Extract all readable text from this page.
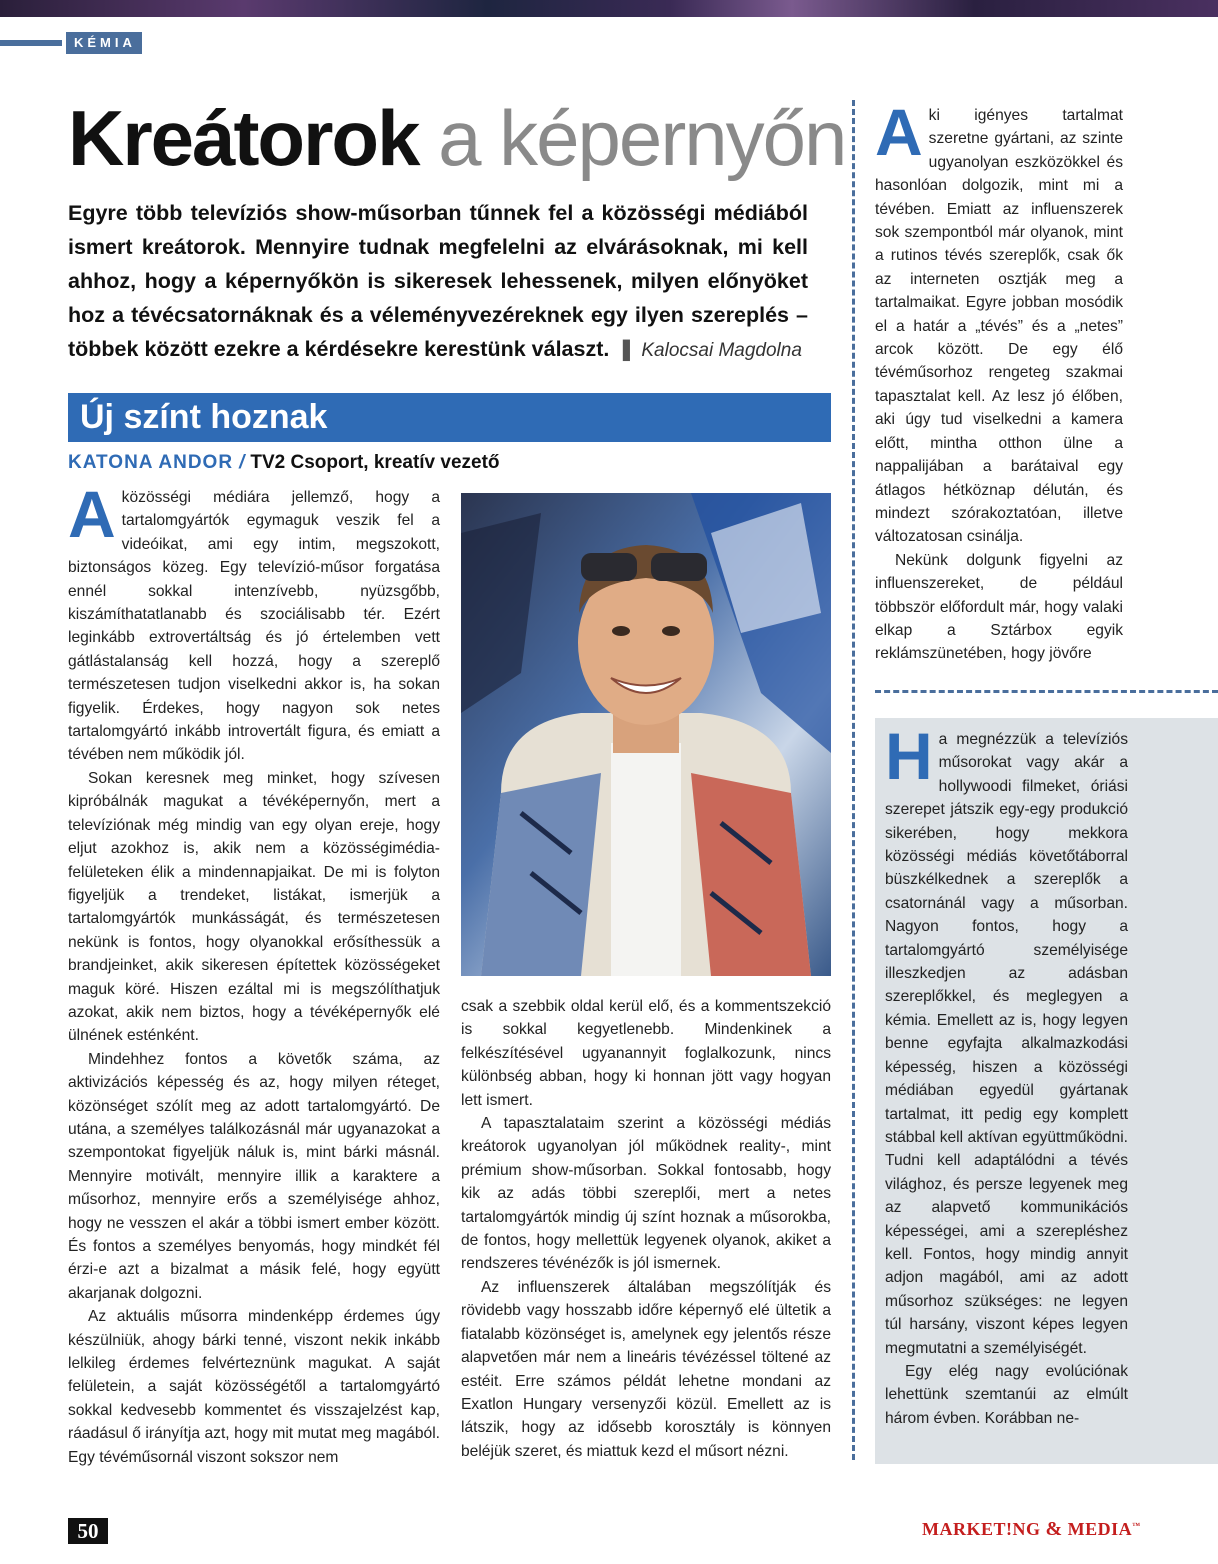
KÉMIA
Kreátorok a képernyőn
Egyre több televíziós show-műsorban tűnnek fel a közösségi médiából ismert kreátorok. Mennyire tudnak megfelelni az elvárásoknak, mi kell ahhoz, hogy a képernyőkön is sikeresek lehessenek, milyen előnyöket hoz a tévécsatornáknak és a véleményvezéreknek egy ilyen szereplés – többek között ezekre a kérdésekre kerestünk választ. ❚ Kalocsai Magdolna
Új színt hoznak
KATONA ANDOR / TV2 Csoport, kreatív vezető

Aközösségi médiára jellemző, hogy a tartalomgyártók egymaguk veszik fel a videóikat, ami egy intim, megszokott, biztonságos közeg. Egy televízió-műsor forgatása ennél sokkal intenzívebb, nyüzsgőbb, kiszámíthatatlanabb és szociálisabb tér. Ezért leginkább extrovertáltság és jó értelemben vett gátlástalanság kell hozzá, hogy a szereplő természetesen tudjon viselkedni akkor is, ha sokan figyelik. Érdekes, hogy nagyon sok netes tartalomgyártó inkább introvertált figura, és emiatt a tévében nem működik jól.

Sokan keresnek meg minket, hogy szívesen kipróbálnák magukat a tévéképernyőn, mert a televíziónak még mindig van egy olyan ereje, hogy eljut azokhoz is, akik nem a közösségimédia-felületeken élik a mindennapjaikat. De mi is folyton figyeljük a trendeket, listákat, ismerjük a tartalomgyártók munkásságát, és természetesen nekünk is fontos, hogy olyanokkal erősíthessük a brandjeinket, akik sikeresen építettek közösségeket maguk köré. Hiszen ezáltal mi is megszólíthatjuk azokat, akik nem biztos, hogy a tévéképernyők elé ülnének esténként.

Mindehhez fontos a követők száma, az aktivizációs képesség és az, hogy milyen réteget, közönséget szólít meg az adott tartalomgyártó. De utána, a személyes találkozásnál már ugyanazokat a szempontokat figyeljük náluk is, mint bárki másnál. Mennyire motivált, mennyire illik a karaktere a műsorhoz, mennyire erős a személyisége ahhoz, hogy ne vesszen el akár a többi ismert ember között. És fontos a személyes benyomás, hogy mindkét fél érzi-e azt a bizalmat a másik felé, hogy együtt akarjanak dolgozni.

Az aktuális műsorra mindenképp érdemes úgy készülniük, ahogy bárki tenné, viszont nekik inkább lelkileg érdemes felvérteznünk magukat. A saját felületein, a saját közösségétől a tartalomgyártó sokkal kedvesebb kommentet és visszajelzést kap, ráadásul ő irányítja azt, hogy mit mutat meg magából. Egy tévéműsornál viszont sokszor nem

csak a szebbik oldal kerül elő, és a kommentszekció is sokkal kegyetlenebb. Mindenkinek a felkészítésével ugyanannyit foglalkozunk, nincs különbség abban, hogy ki honnan jött vagy hogyan lett ismert.

A tapasztalataim szerint a közösségi médiás kreátorok ugyanolyan jól működnek reality-, mint prémium show-műsorban. Sokkal fontosabb, hogy kik az adás többi szereplői, mert a netes tartalomgyártók mindig új színt hoznak a műsorokba, de fontos, hogy mellettük legyenek olyanok, akiket a rendszeres tévénézők is jól ismernek.

Az influenszerek általában megszólítják és rövidebb vagy hosszabb időre képernyő elé ültetik a fiatalabb közönséget is, amelynek egy jelentős része alapvetően már nem a lineáris tévézéssel töltené az estéit. Erre számos példát lehetne mondani az Exatlon Hungary versenyzői közül. Emellett az is látszik, hogy az idősebb korosztály is könnyen beléjük szeret, és miattuk kezd el műsort nézni.

Aki igényes tartalmat szeretne gyártani, az szinte ugyanolyan eszközökkel és hasonlóan dolgozik, mint mi a tévében. Emiatt az influenszerek sok szempontból már olyanok, mint a rutinos tévés szereplők, csak ők az interneten osztják meg a tartalmaikat. Egyre jobban mosódik el a határ a „tévés” és a „netes” arcok között. De egy élő tévéműsorhoz rengeteg szakmai tapasztalat kell. Az lesz jó élőben, aki úgy tud viselkedni a kamera előtt, mintha otthon ülne a nappalijában a barátaival egy átlagos hétköznap délután, és mindezt szórakoztatóan, illetve változatosan csinálja.

Nekünk dolgunk figyelni az influenszereket, de például többször előfordult már, hogy valaki elkap a Sztárbox egyik reklámszünetében, hogy jövőre

Ha megnézzük a televíziós műsorokat vagy akár a hollywoodi filmeket, óriási szerepet játszik egy-egy produkció sikerében, hogy mekkora közösségi médiás követőtáborral büszkélkednek a szereplők a csatornánál vagy a műsorban. Nagyon fontos, hogy a tartalomgyártó személyisége illeszkedjen az adásban szereplőkkel, és meglegyen a kémia. Emellett az is, hogy legyen benne egyfajta alkalmazkodási képesség, hiszen a közösségi médiában egyedül gyártanak tartalmat, itt pedig egy komplett stábbal kell aktívan együttműködni. Tudni kell adaptálódni a tévés világhoz, és persze legyenek meg az alapvető kommunikációs képességei, ami a szerepléshez kell. Fontos, hogy mindig annyit adjon magából, ami az adott műsorhoz szükséges: ne legyen túl harsány, viszont képes legyen megmutatni a személyiségét.

Egy elég nagy evolúciónak lehettünk szemtanúi az elmúlt három évben. Korábban ne-

50	MARKET!NG & MEDIA™
